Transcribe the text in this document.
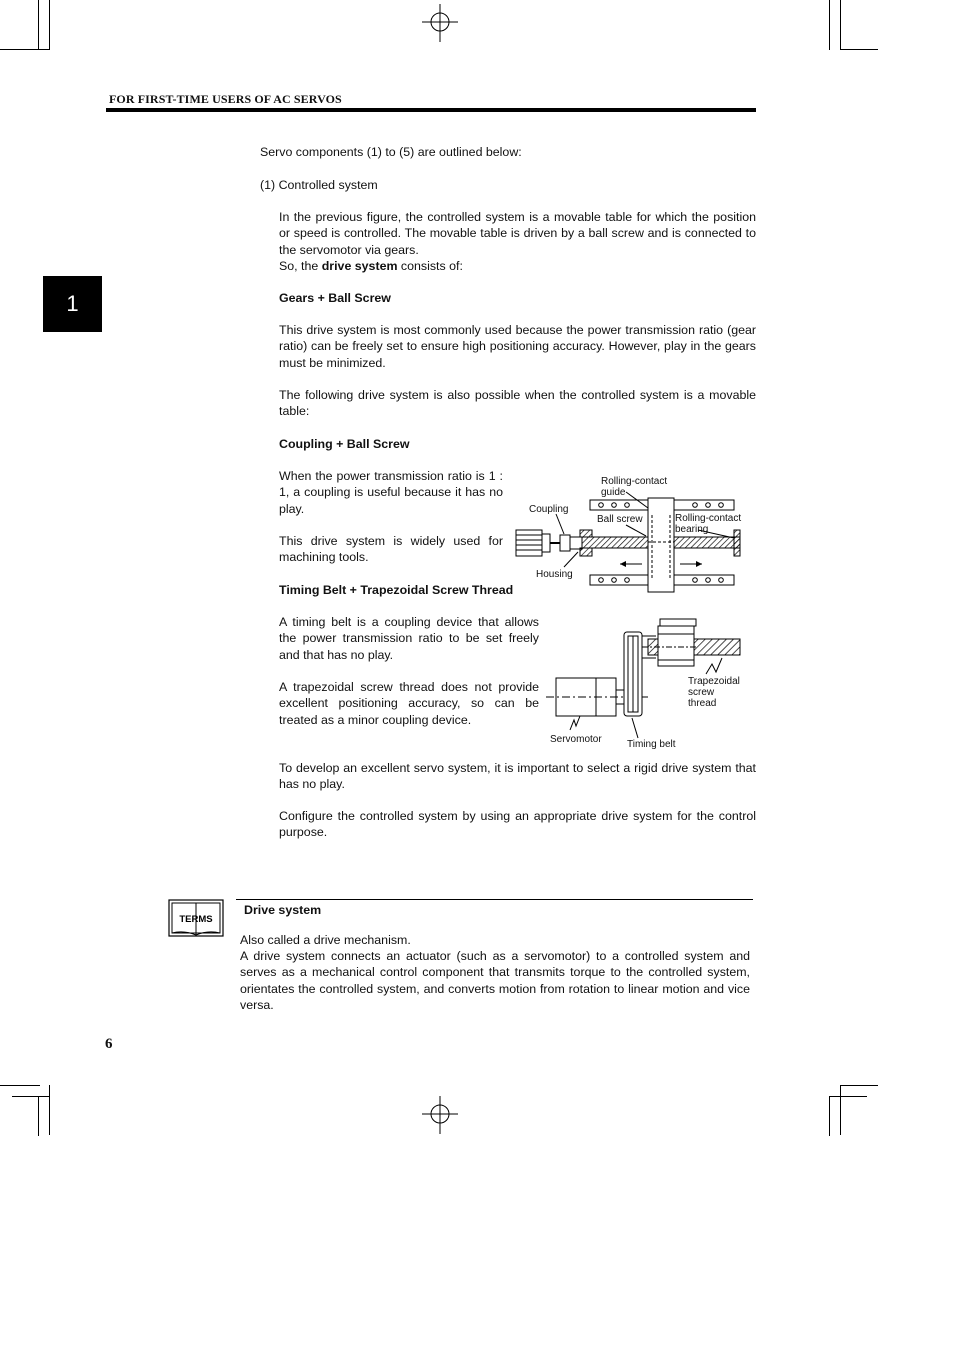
FOR FIRST-TIME USERS OF AC SERVOS
1

Servo components (1) to (5) are outlined below:

(1) Controlled system

In the previous figure, the controlled system is a movable table for which the position or speed is controlled. The movable table is driven by a ball screw and is connected to the servomotor via gears.

So, the drive system consists of:

Gears + Ball Screw

This drive system is most commonly used because the power transmission ratio (gear ratio) can be freely set to ensure high positioning accuracy. However, play in the gears must be minimized.

The following drive system is also possible when the controlled system is a movable table:

Coupling + Ball Screw

When the power transmission ratio is 1 : 1, a coupling is useful because it has no play.

This drive system is widely used for machining tools.

Timing Belt + Trapezoidal Screw Thread

A timing belt is a coupling device that allows the power transmission ratio to be set freely and that has no play.

A trapezoidal screw thread does not provide excellent positioning accuracy, so can be treated as a minor coupling device.

To develop an excellent servo system, it is important to select a rigid drive system that has no play.

Configure the controlled system by using an appropriate drive system for the control purpose.

Rolling-contact
guide
Coupling
Ball screw	Rolling-contact
bearing
Housing
Trapezoidal
screw
thread
Servomotor	Timing belt
TERMS

Drive system

Also called a drive mechanism.

A drive system connects an actuator (such as a servomotor) to a controlled system and serves as a mechanical control component that transmits torque to the controlled system, orientates the controlled system, and converts motion from rotation to linear motion and vice versa.

6
